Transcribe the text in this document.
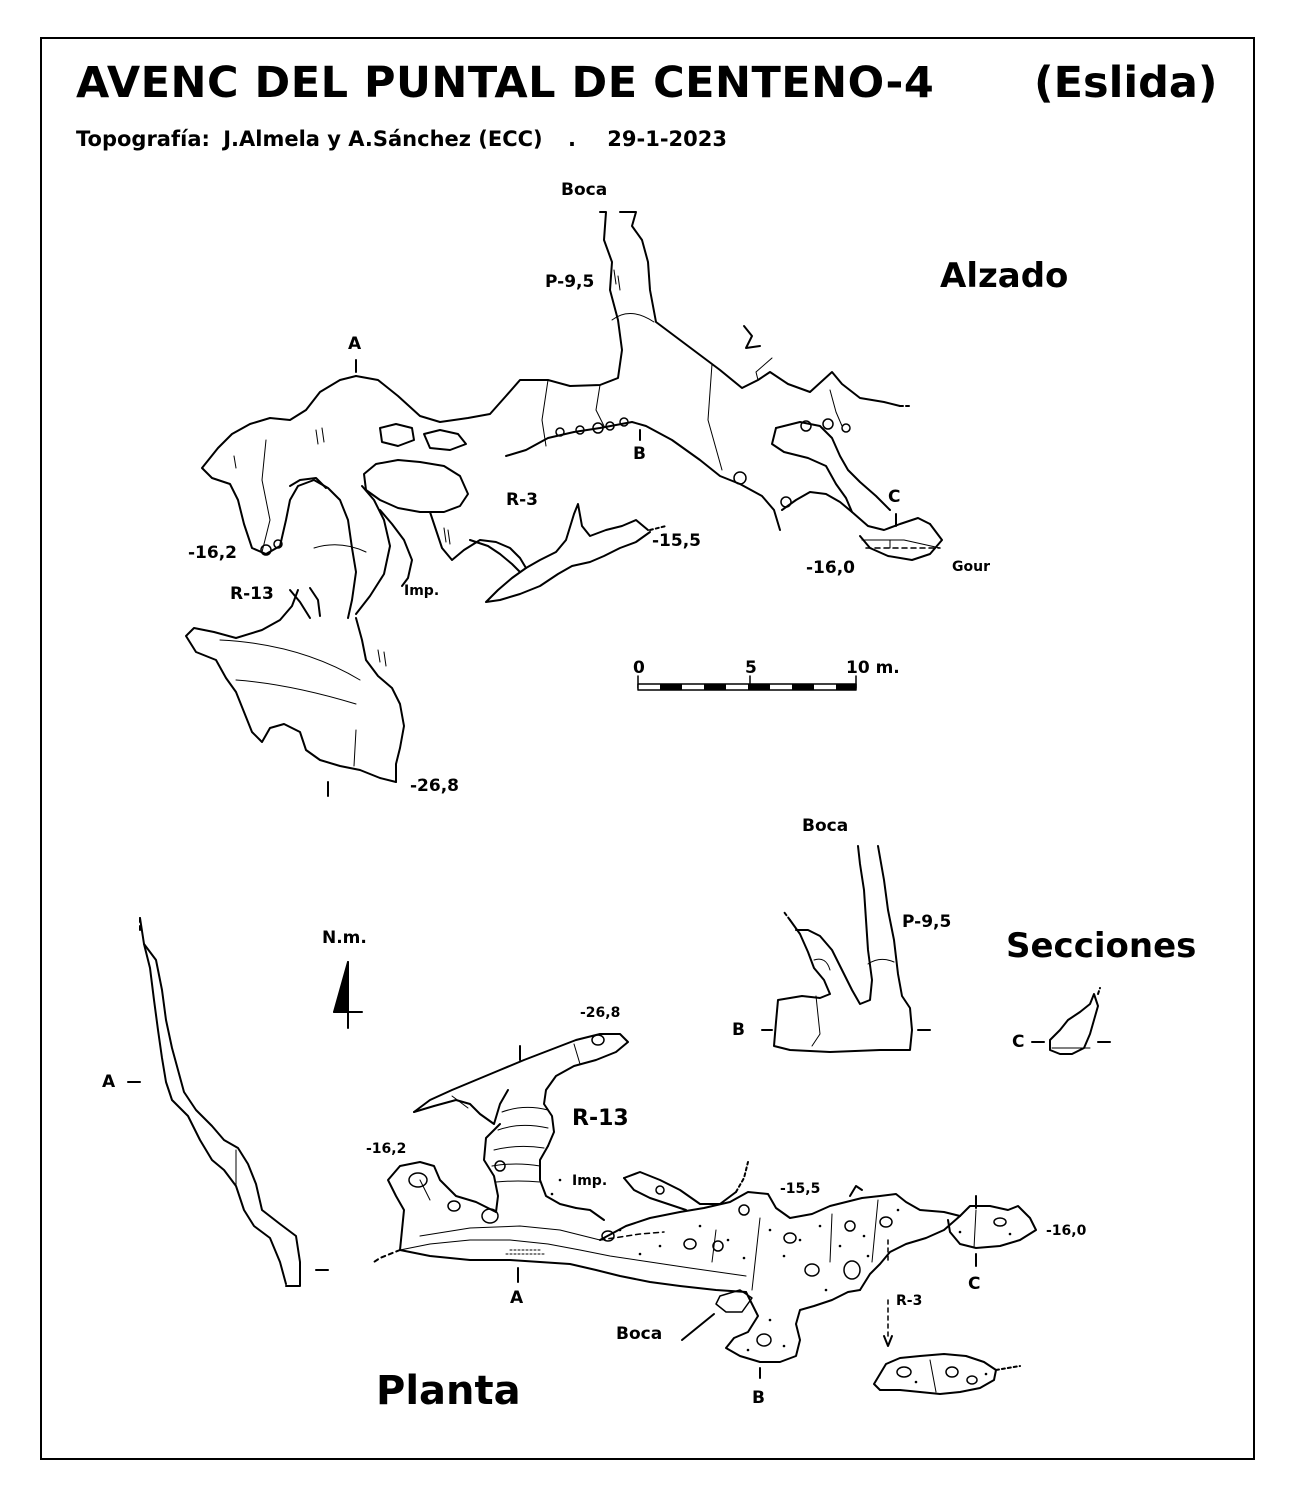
AVENC DEL PUNTAL DE CENTENO-4 (Eslida)
Topografía: J.Almela y A.Sánchez (ECC) . 29-1-2023
Alzado
Secciones
Planta
Boca
P-9,5
A
B
C
-16,2
-15,5
-16,0
-26,8
R-3
R-13	Imp.
Gour
0	5	10 m.
Boca
P-9,5
A
B
C
N.m.
-26,8
R-13
-16,2
Imp.	-15,5
-16,0
A
B
C
Boca
R-3
